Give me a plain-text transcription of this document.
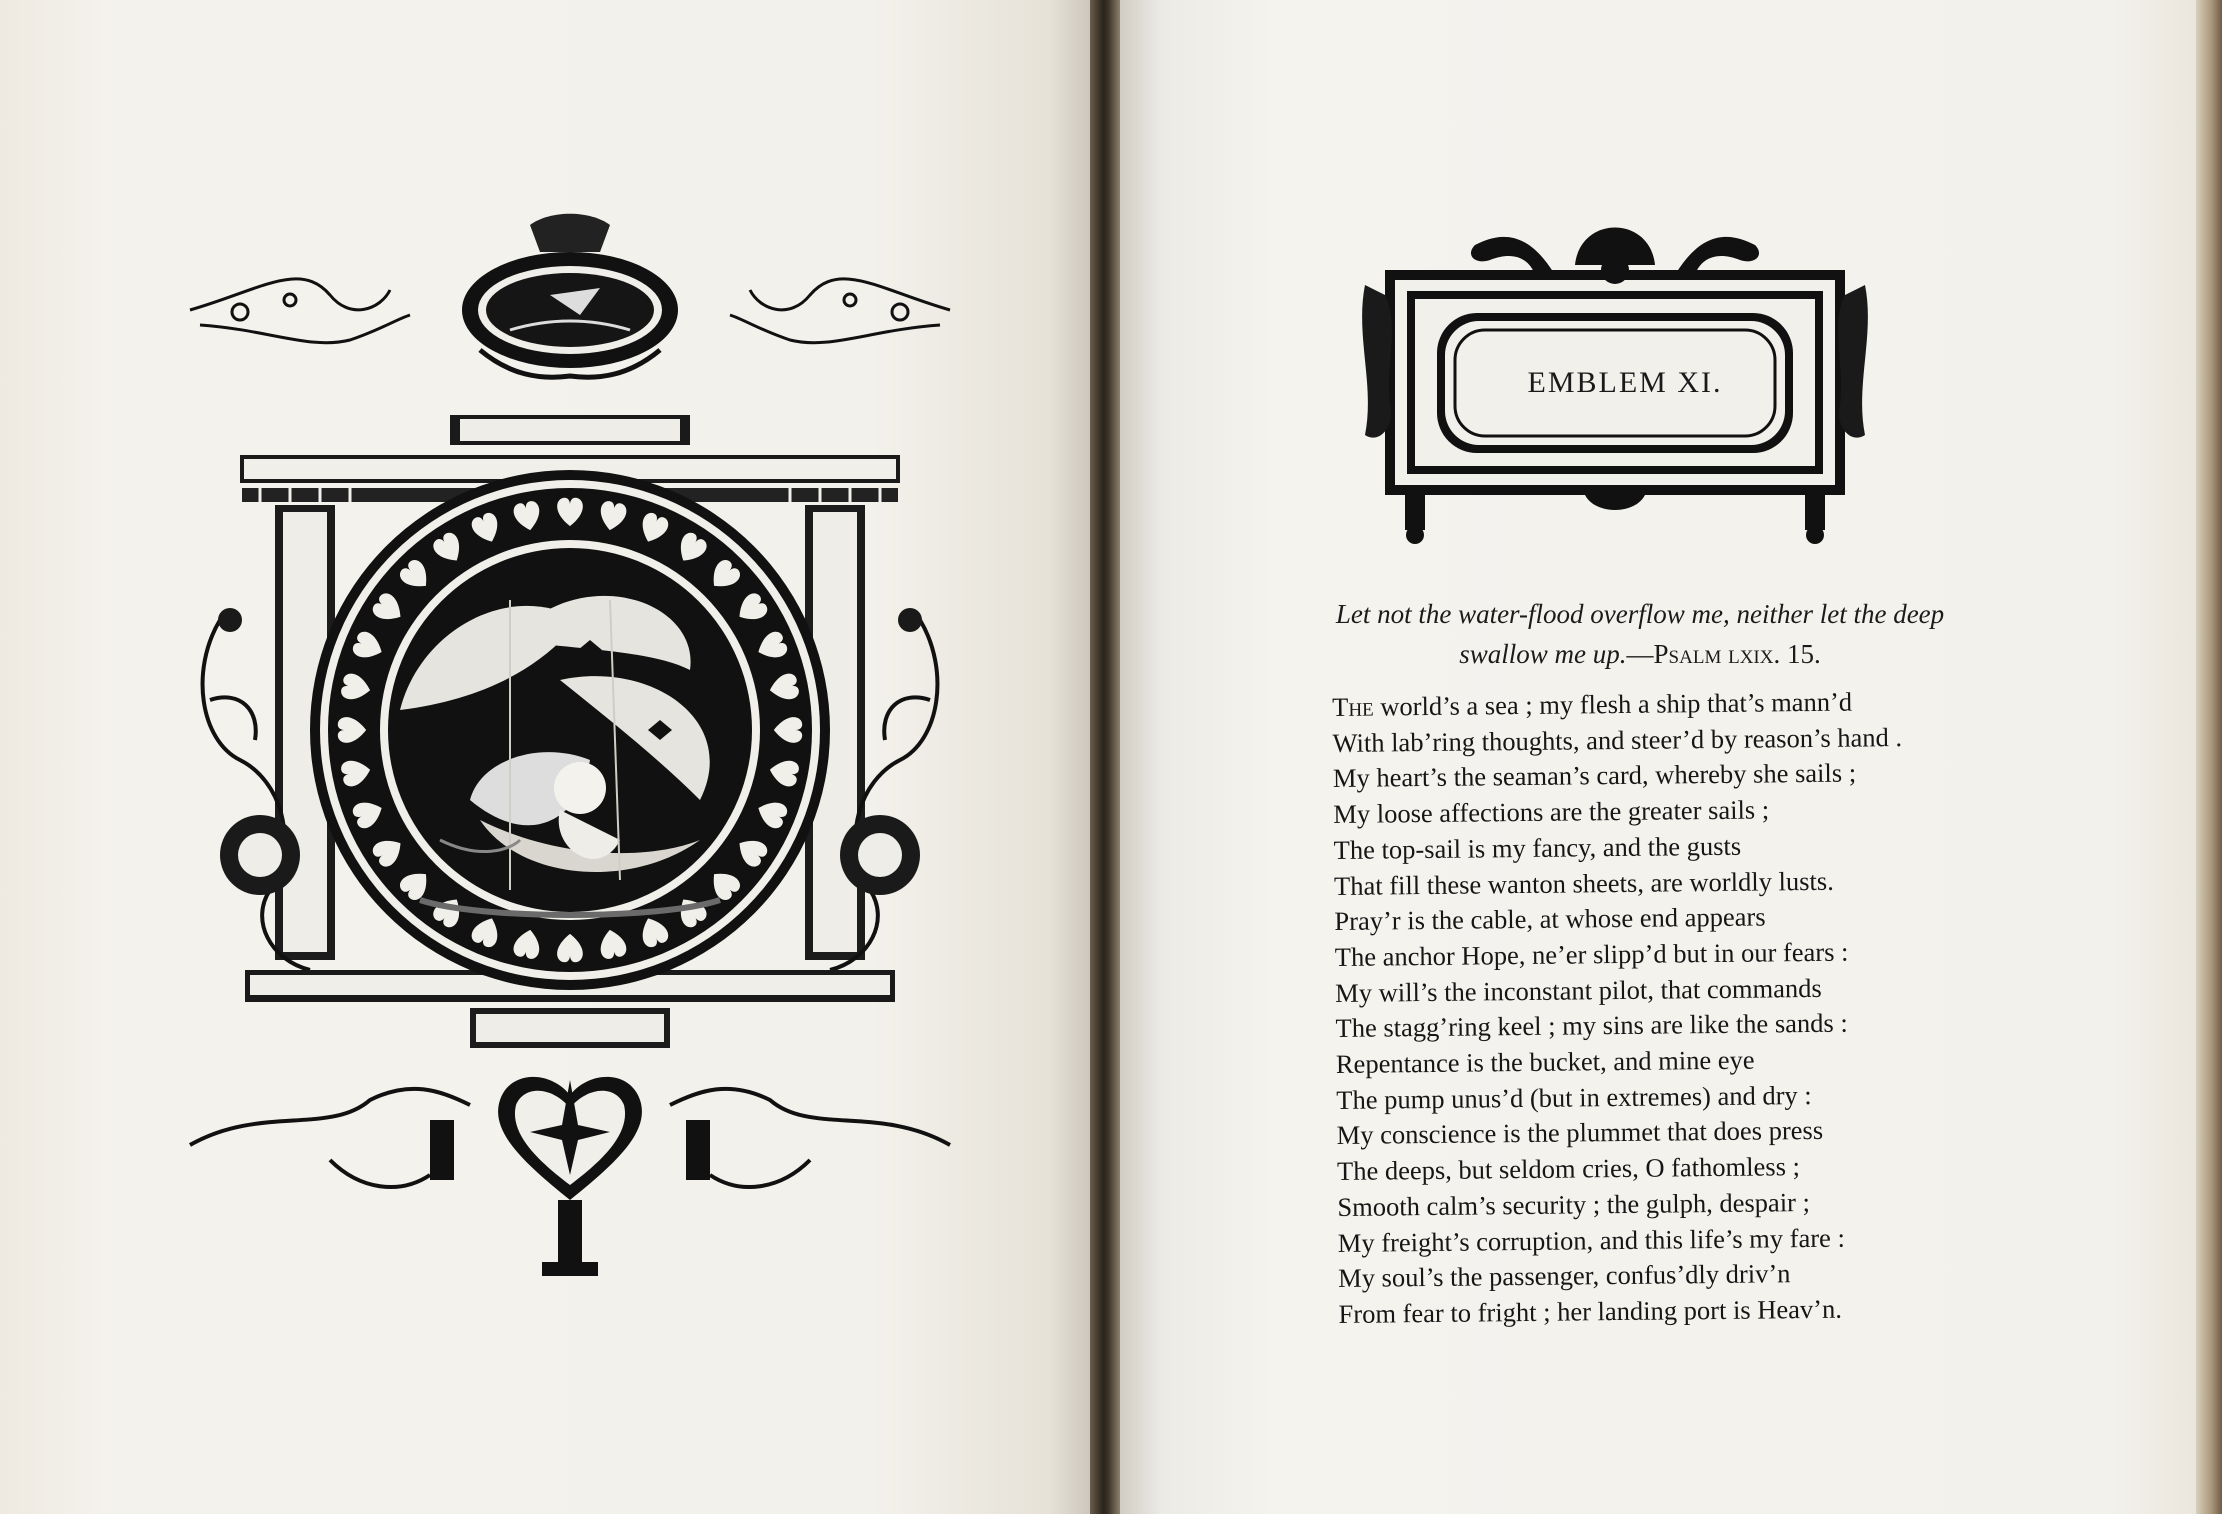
EMBLEM XI.
Let not the water-flood overflow me, neither let the deep
swallow me up.—Psalm lxix. 15.
The world’s a sea ; my flesh a ship that’s mann’d
With lab’ring thoughts, and steer’d by reason’s hand .
My heart’s the seaman’s card, whereby she sails ;
My loose affections are the greater sails ;
The top-sail is my fancy, and the gusts
That fill these wanton sheets, are worldly lusts.
Pray’r is the cable, at whose end appears
The anchor Hope, ne’er slipp’d but in our fears :
My will’s the inconstant pilot, that commands
The stagg’ring keel ; my sins are like the sands :
Repentance is the bucket, and mine eye
The pump unus’d (but in extremes) and dry :
My conscience is the plummet that does press
The deeps, but seldom cries, O fathomless ;
Smooth calm’s security ; the gulph, despair ;
My freight’s corruption, and this life’s my fare :
My soul’s the passenger, confus’dly driv’n
From fear to fright ; her landing port is Heav’n.
